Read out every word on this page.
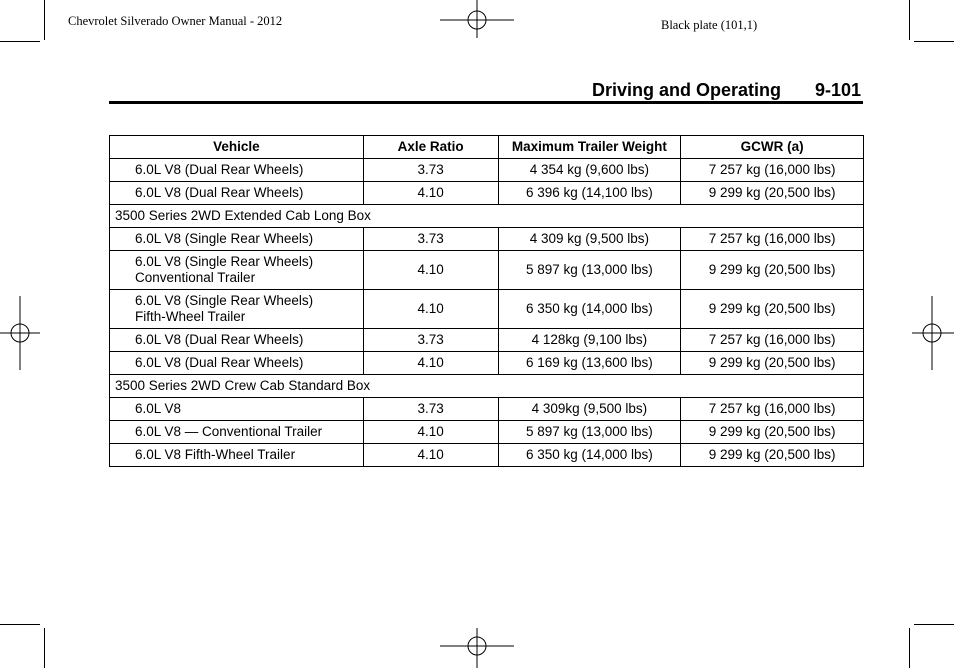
Chevrolet Silverado Owner Manual - 2012	Black plate (101,1)
Driving and Operating 9-101
Vehicle	Axle Ratio	Maximum Trailer Weight	GCWR (a)

6.0L V8 (Dual Rear Wheels)	3.73	4 354 kg (9,600 lbs)	7 257 kg (16,000 lbs)

6.0L V8 (Dual Rear Wheels)	4.10	6 396 kg (14,100 lbs)	9 299 kg (20,500 lbs)
3500 Series 2WD Extended Cab Long Box			

6.0L V8 (Single Rear Wheels)	3.73	4 309 kg (9,500 lbs)	7 257 kg (16,000 lbs)

6.0L V8 (Single Rear Wheels)
Conventional Trailer	4.10	5 897 kg (13,000 lbs)	9 299 kg (20,500 lbs)

6.0L V8 (Single Rear Wheels)
Fifth-Wheel Trailer	4.10	6 350 kg (14,000 lbs)	9 299 kg (20,500 lbs)

6.0L V8 (Dual Rear Wheels)	3.73	4 128kg (9,100 lbs)	7 257 kg (16,000 lbs)

6.0L V8 (Dual Rear Wheels)	4.10	6 169 kg (13,600 lbs)	9 299 kg (20,500 lbs)
3500 Series 2WD Crew Cab Standard Box			

6.0L V8	3.73	4 309kg (9,500 lbs)	7 257 kg (16,000 lbs)

6.0L V8 — Conventional Trailer	4.10	5 897 kg (13,000 lbs)	9 299 kg (20,500 lbs)

6.0L V8 Fifth-Wheel Trailer	4.10	6 350 kg (14,000 lbs)	9 299 kg (20,500 lbs)
